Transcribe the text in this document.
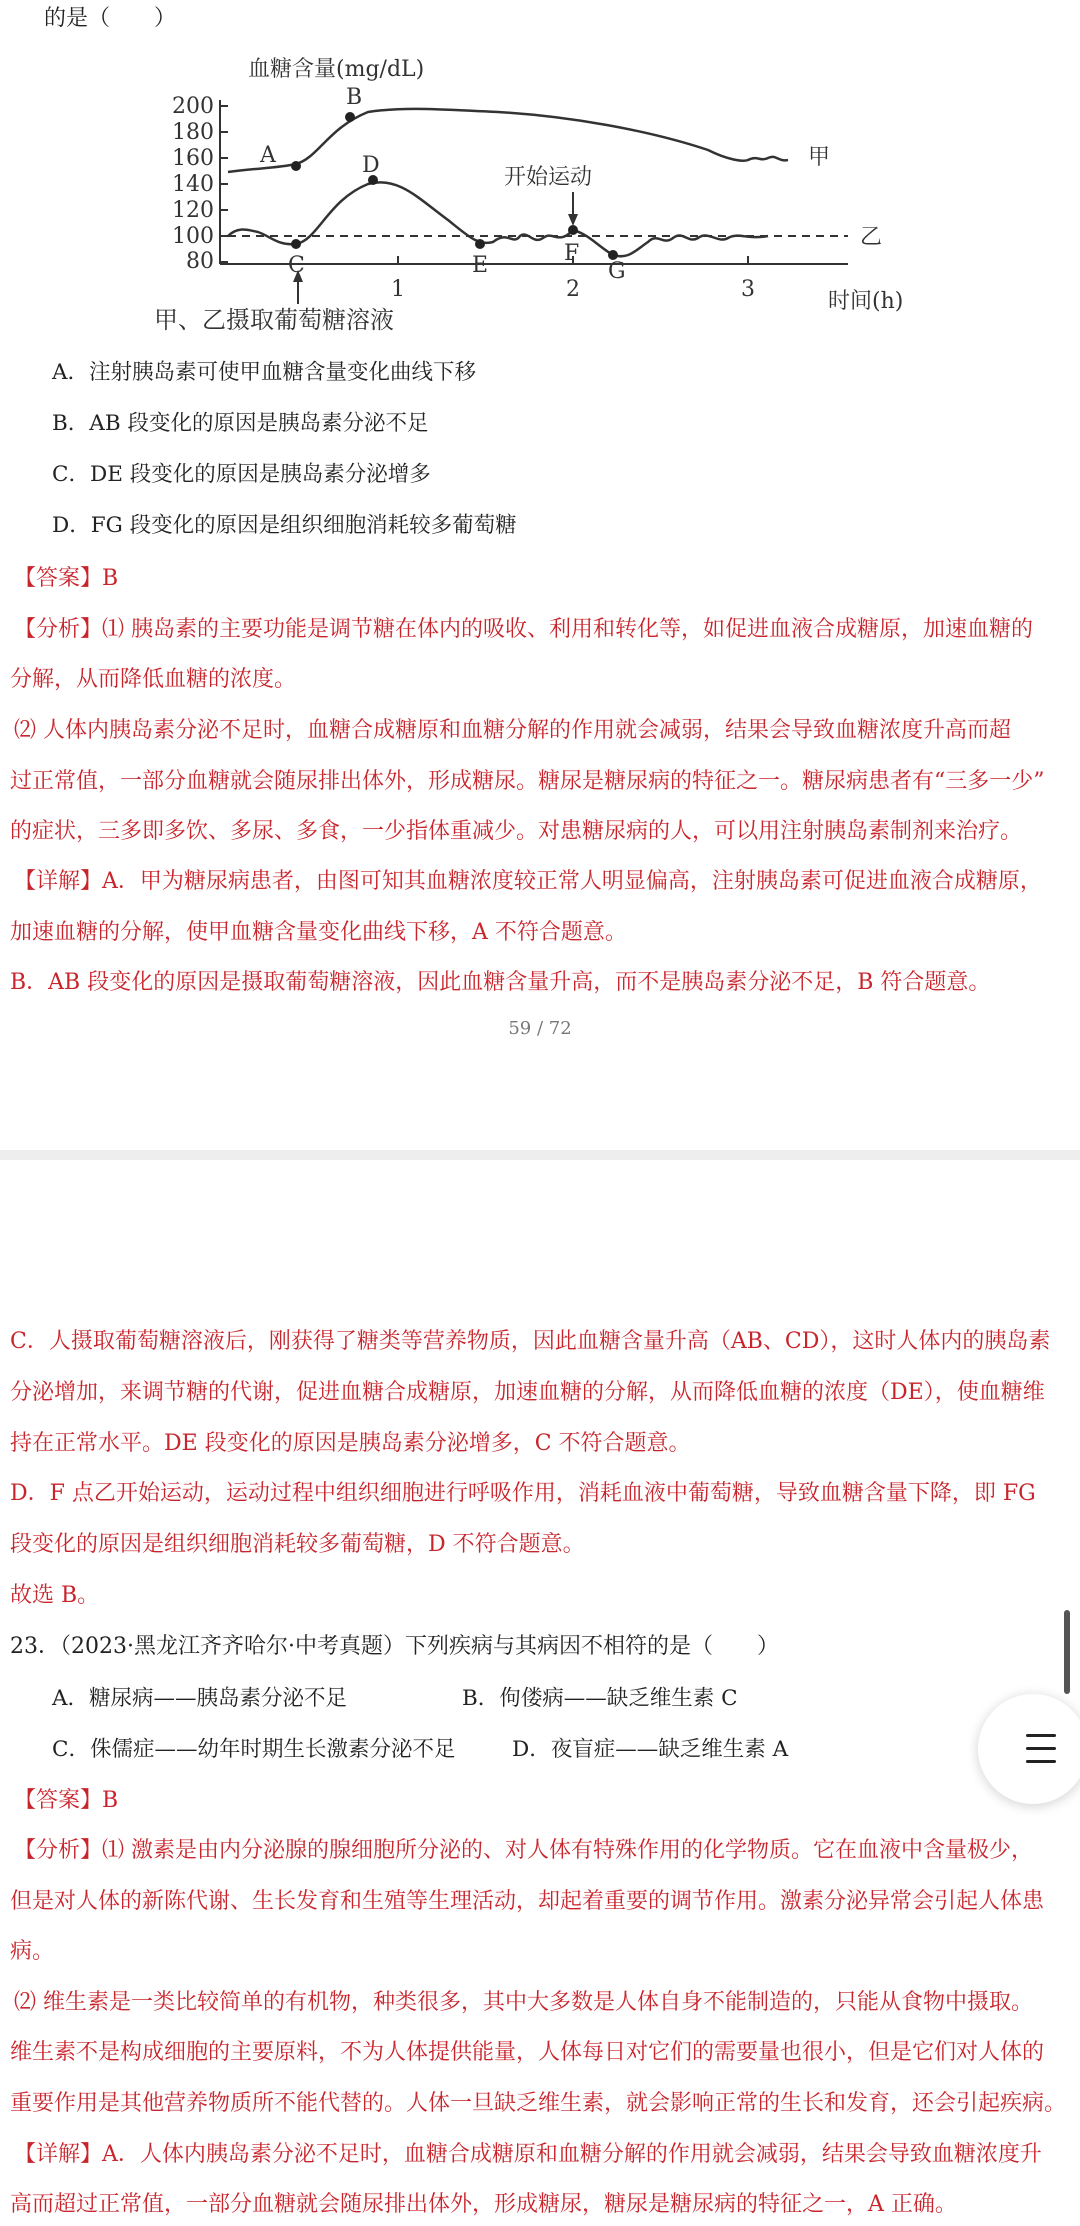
的是（　　）
200
180
160
140
120
100
80
1	2	3
血糖含量(mg/dL)
时间(h)
甲、乙摄取葡萄糖溶液
A
B
C
D
E	F
G
开始运动
甲
乙
A．注射胰岛素可使甲血糖含量变化曲线下移
B．AB 段变化的原因是胰岛素分泌不足
C．DE 段变化的原因是胰岛素分泌增多
D．FG 段变化的原因是组织细胞消耗较多葡萄糖
【答案】B
【分析】⑴ 胰岛素的主要功能是调节糖在体内的吸收、利用和转化等，如促进血液合成糖原，加速血糖的
分解，从而降低血糖的浓度。
⑵ 人体内胰岛素分泌不足时，血糖合成糖原和血糖分解的作用就会减弱，结果会导致血糖浓度升高而超
过正常值，一部分血糖就会随尿排出体外，形成糖尿。糖尿是糖尿病的特征之一。糖尿病患者有“三多一少”
的症状，三多即多饮、多尿、多食，一少指体重减少。对患糖尿病的人，可以用注射胰岛素制剂来治疗。
【详解】A．甲为糖尿病患者，由图可知其血糖浓度较正常人明显偏高，注射胰岛素可促进血液合成糖原，
加速血糖的分解，使甲血糖含量变化曲线下移，A 不符合题意。
B．AB 段变化的原因是摄取葡萄糖溶液，因此血糖含量升高，而不是胰岛素分泌不足，B 符合题意。
59 / 72
C．人摄取葡萄糖溶液后，刚获得了糖类等营养物质，因此血糖含量升高（AB、CD），这时人体内的胰岛素
分泌增加，来调节糖的代谢，促进血糖合成糖原，加速血糖的分解，从而降低血糖的浓度（DE），使血糖维
持在正常水平。DE 段变化的原因是胰岛素分泌增多，C 不符合题意。
D．F 点乙开始运动，运动过程中组织细胞进行呼吸作用，消耗血液中葡萄糖，导致血糖含量下降，即 FG
段变化的原因是组织细胞消耗较多葡萄糖，D 不符合题意。
故选 B。
23．（2023·黑龙江齐齐哈尔·中考真题）下列疾病与其病因不相符的是（　　）
A．糖尿病——胰岛素分泌不足	B．佝偻病——缺乏维生素 C
C．侏儒症——幼年时期生长激素分泌不足	D．夜盲症——缺乏维生素 A
【答案】B
【分析】⑴ 激素是由内分泌腺的腺细胞所分泌的、对人体有特殊作用的化学物质。它在血液中含量极少，
但是对人体的新陈代谢、生长发育和生殖等生理活动，却起着重要的调节作用。激素分泌异常会引起人体患
病。
⑵ 维生素是一类比较简单的有机物，种类很多，其中大多数是人体自身不能制造的，只能从食物中摄取。
维生素不是构成细胞的主要原料，不为人体提供能量，人体每日对它们的需要量也很小，但是它们对人体的
重要作用是其他营养物质所不能代替的。人体一旦缺乏维生素，就会影响正常的生长和发育，还会引起疾病。
【详解】A．人体内胰岛素分泌不足时，血糖合成糖原和血糖分解的作用就会减弱，结果会导致血糖浓度升
高而超过正常值，一部分血糖就会随尿排出体外，形成糖尿，糖尿是糖尿病的特征之一，A 正确。
